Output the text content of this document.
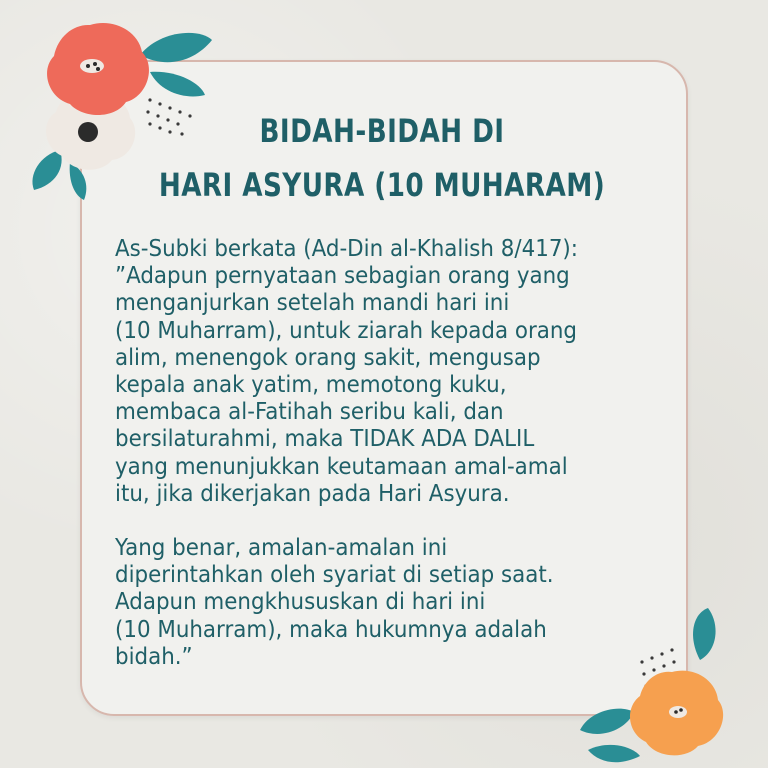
BIDAH-BIDAH DI
HARI ASYURA (10 MUHARAM)

As-Subki berkata (Ad-Din al-Khalish 8/417):
”Adapun pernyataan sebagian orang yang
menganjurkan setelah mandi hari ini
(10 Muharram), untuk ziarah kepada orang
alim, menengok orang sakit, mengusap
kepala anak yatim, memotong kuku,
membaca al-Fatihah seribu kali, dan
bersilaturahmi, maka TIDAK ADA DALIL
yang menunjukkan keutamaan amal-amal
itu, jika dikerjakan pada Hari Asyura.

Yang benar, amalan-amalan ini
diperintahkan oleh syariat di setiap saat.
Adapun mengkhususkan di hari ini
(10 Muharram), maka hukumnya adalah
bidah.”
